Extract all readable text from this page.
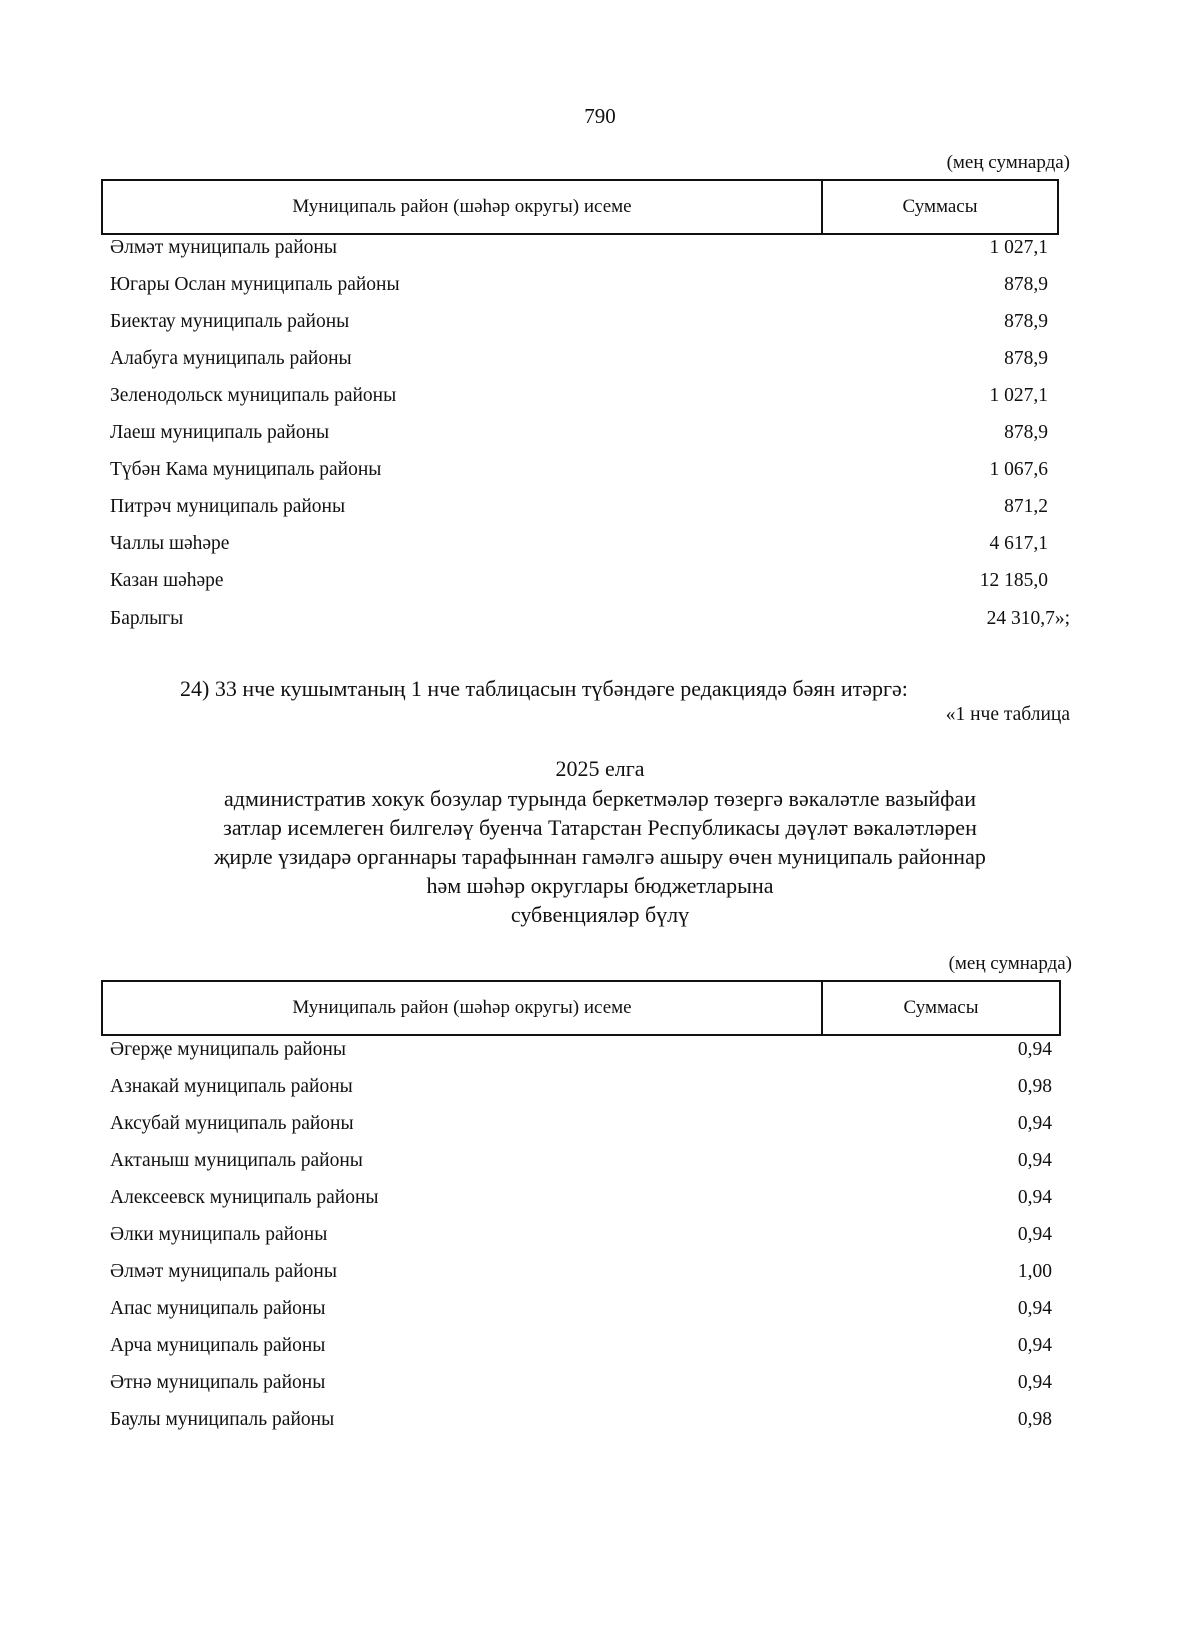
790
(мең сумнарда)
Муниципаль район (шәһәр округы) исеме	Суммасы
Әлмәт муниципаль районы	1 027,1
Югары Ослан муниципаль районы	878,9
Биектау муниципаль районы	878,9
Алабуга муниципаль районы	878,9
Зеленодольск муниципаль районы	1 027,1
Лаеш муниципаль районы	878,9
Түбән Кама муниципаль районы	1 067,6
Питрәч муниципаль районы	871,2
Чаллы шәһәре	4 617,1
Казан шәһәре	12 185,0
Барлыгы	24 310,7»;
24) 33 нче кушымтаның 1 нче таблицасын түбәндәге редакциядә бәян итәргә:
«1 нче таблица
2025 елга
административ хокук бозулар турында беркетмәләр төзергә вәкаләтле вазыйфаи
затлар исемлеген билгеләү буенча Татарстан Республикасы дәүләт вәкаләтләрен
җирле үзидарә органнары тарафыннан гамәлгә ашыру өчен муниципаль районнар
һәм шәһәр округлары бюджетларына
субвенцияләр бүлү
(мең сумнарда)
Муниципаль район (шәһәр округы) исеме	Суммасы
Әгерҗе муниципаль районы	0,94
Азнакай муниципаль районы	0,98
Аксубай муниципаль районы	0,94
Актаныш муниципаль районы	0,94
Алексеевск муниципаль районы	0,94
Әлки муниципаль районы	0,94
Әлмәт муниципаль районы	1,00
Апас муниципаль районы	0,94
Арча муниципаль районы	0,94
Әтнә муниципаль районы	0,94
Баулы муниципаль районы	0,98
